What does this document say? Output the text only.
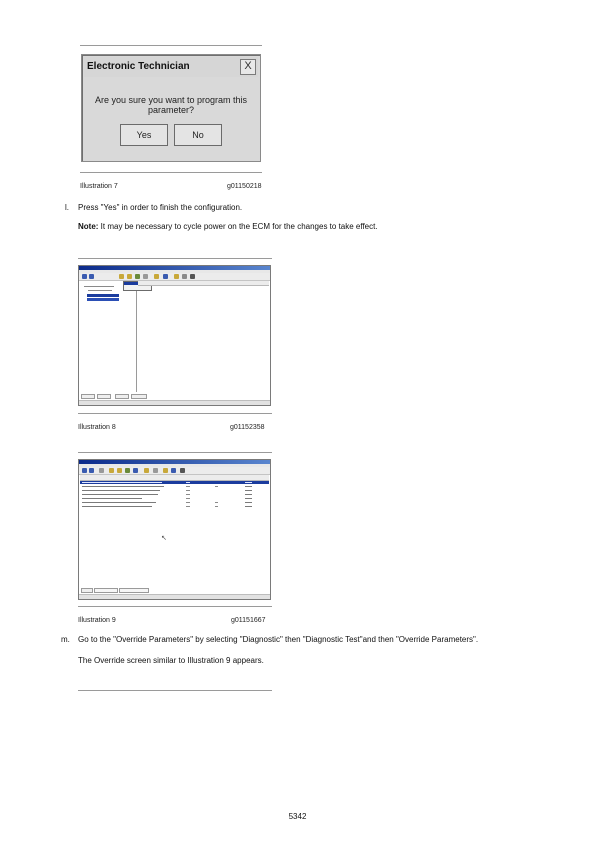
Electronic Technician	X
Are you sure you want to program this parameter?
Yes	No
Illustration 7	g01150218
l. Press "Yes" in order to finish the configuration.
Note: It may be necessary to cycle power on the ECM for the changes to take effect.
Illustration 8	g01152358
↖
Illustration 9	g01151667
m. Go to the "Override Parameters" by selecting "Diagnostic" then "Diagnostic Test"and then "Override Parameters".
The Override screen similar to Illustration 9 appears.
5342
